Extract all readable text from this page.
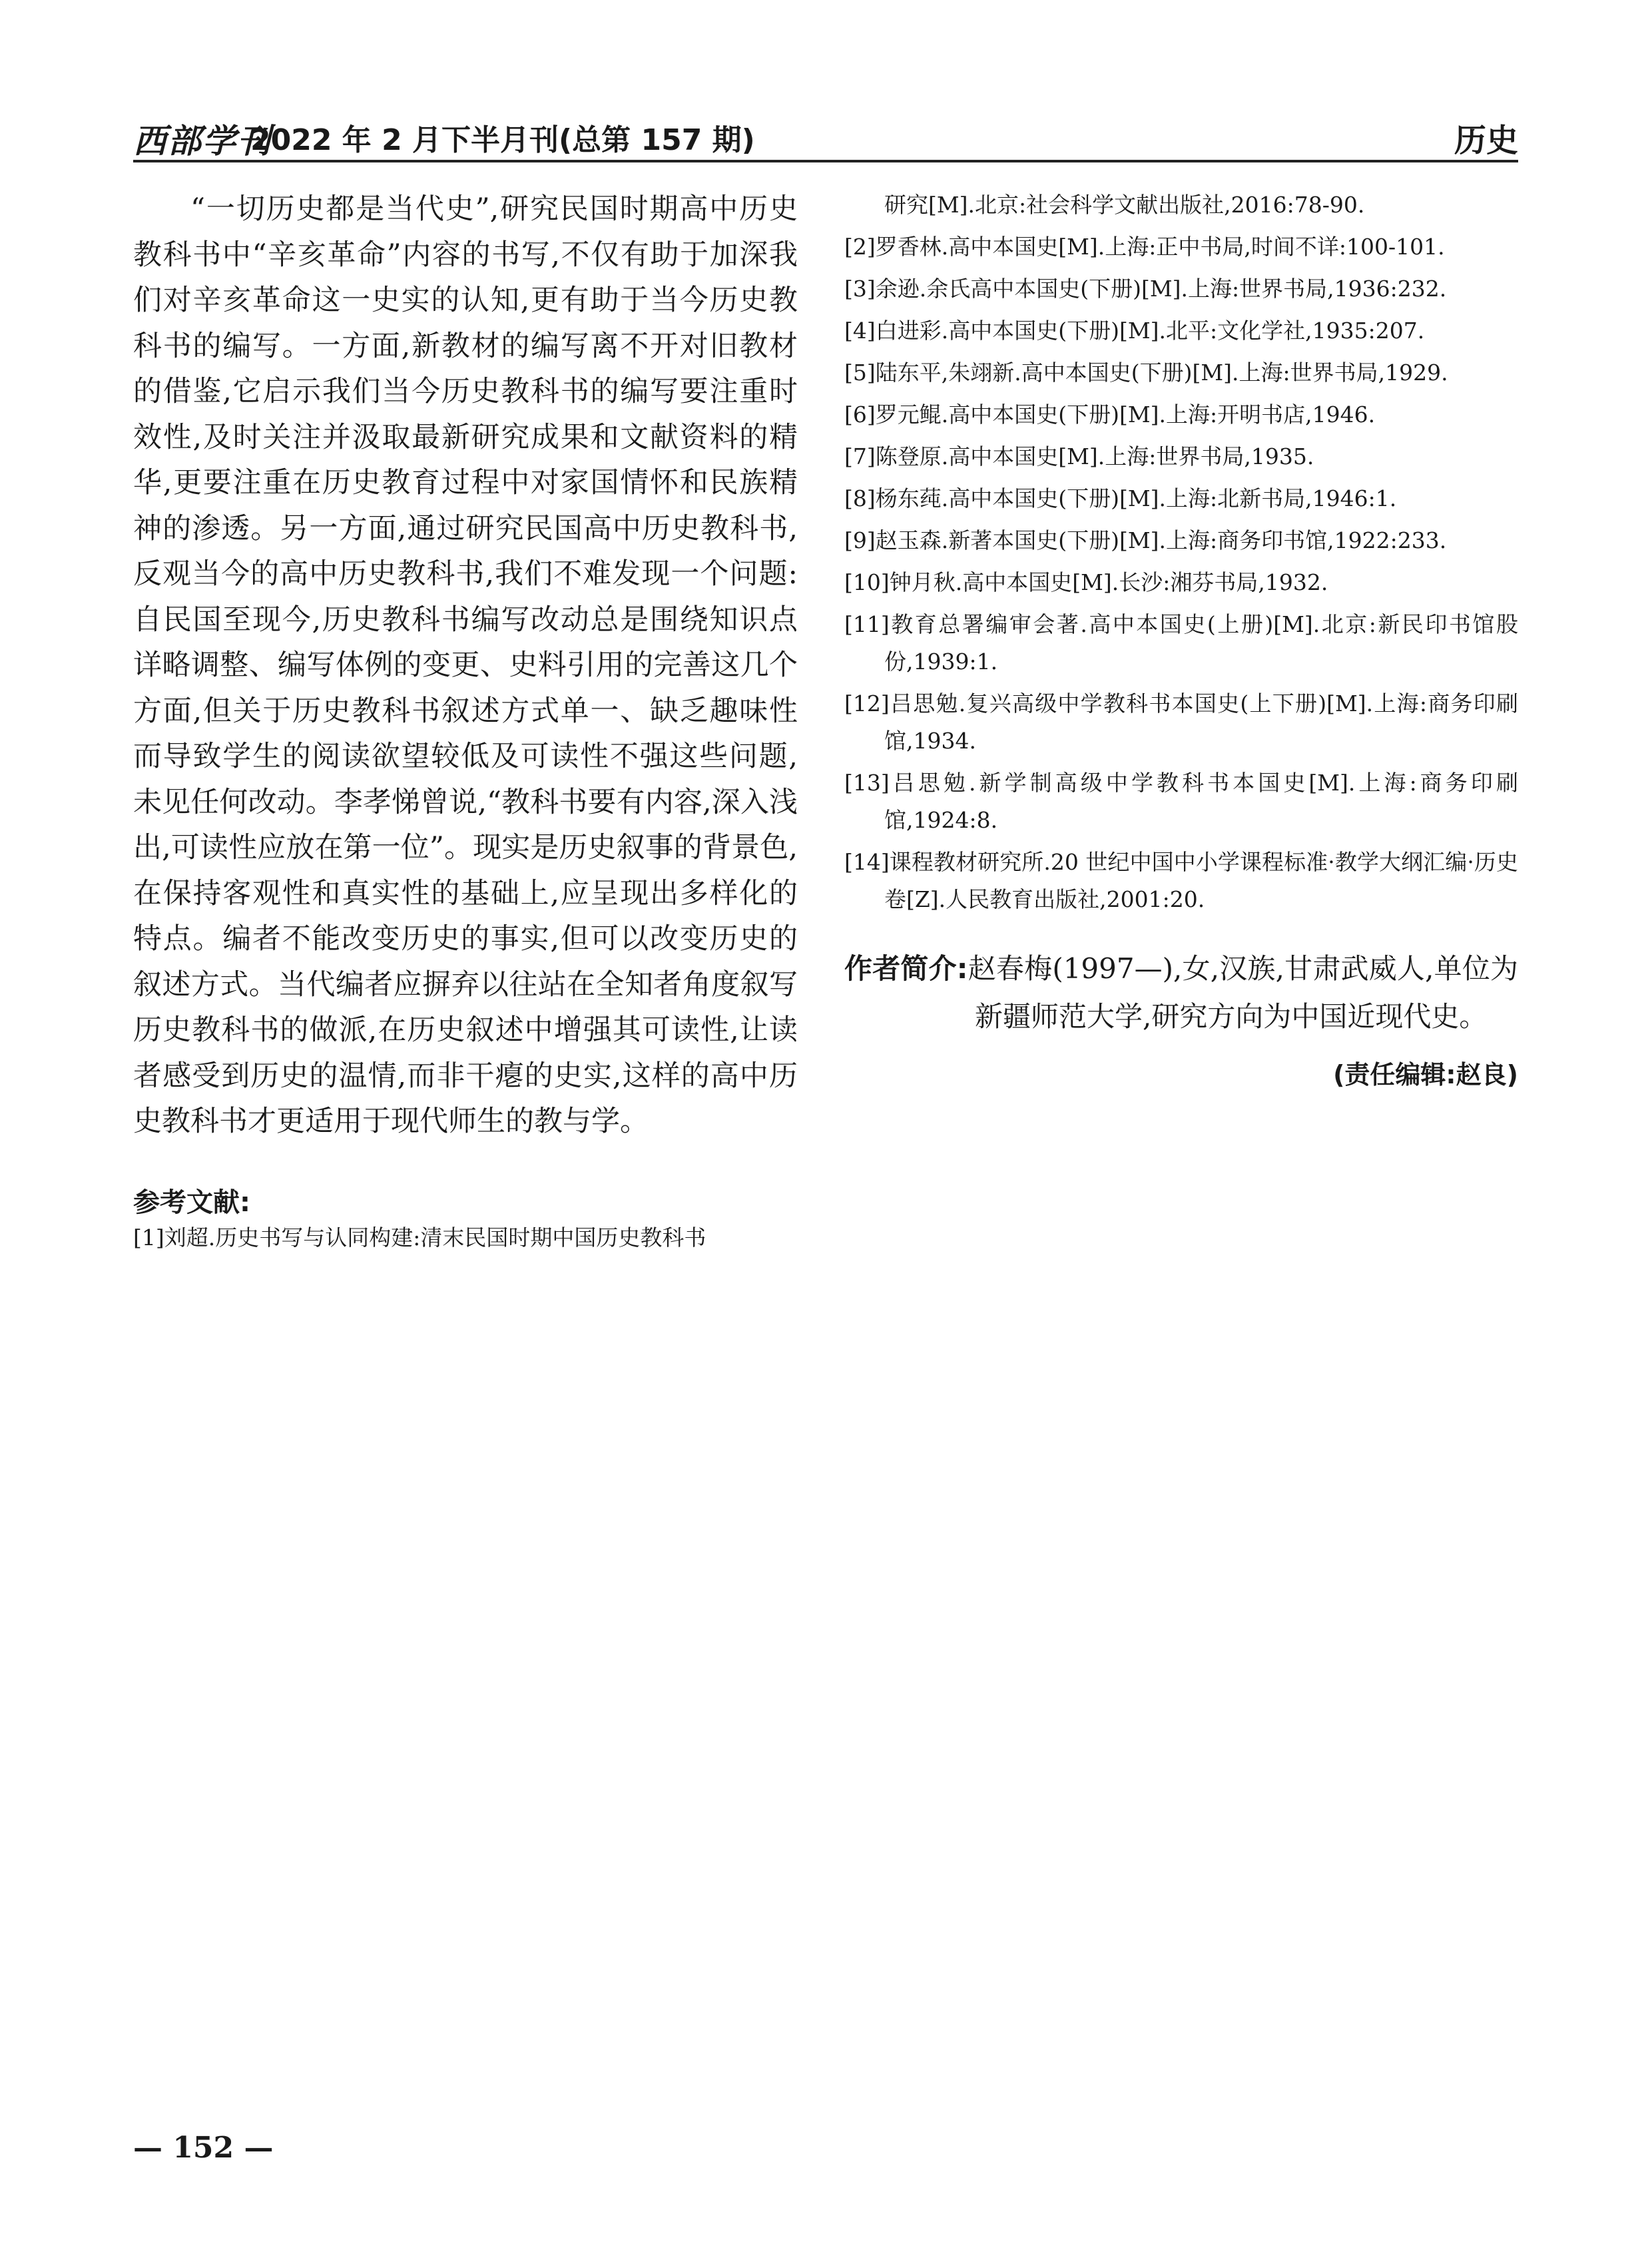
西部学刊
2022 年 2 月下半月刊(总第 157 期)	历史

“一切历史都是当代史”,研究民国时期高中历史教科书中“辛亥革命”内容的书写,不仅有助于加深我们对辛亥革命这一史实的认知,更有助于当今历史教科书的编写。一方面,新教材的编写离不开对旧教材的借鉴,它启示我们当今历史教科书的编写要注重时效性,及时关注并汲取最新研究成果和文献资料的精华,更要注重在历史教育过程中对家国情怀和民族精神的渗透。另一方面,通过研究民国高中历史教科书,反观当今的高中历史教科书,我们不难发现一个问题:自民国至现今,历史教科书编写改动总是围绕知识点详略调整、编写体例的变更、史料引用的完善这几个方面,但关于历史教科书叙述方式单一、缺乏趣味性而导致学生的阅读欲望较低及可读性不强这些问题,未见任何改动。李孝悌曾说,“教科书要有内容,深入浅出,可读性应放在第一位”。现实是历史叙事的背景色,在保持客观性和真实性的基础上,应呈现出多样化的特点。编者不能改变历史的事实,但可以改变历史的叙述方式。当代编者应摒弃以往站在全知者角度叙写历史教科书的做派,在历史叙述中增强其可读性,让读者感受到历史的温情,而非干瘪的史实,这样的高中历史教科书才更适用于现代师生的教与学。

参考文献:
[1]刘超.历史书写与认同构建:清末民国时期中国历史教科书
研究[M].北京:社会科学文献出版社,2016:78-90.
[2]罗香林.高中本国史[M].上海:正中书局,时间不详:100-101.
[3]余逊.余氏高中本国史(下册)[M].上海:世界书局,1936:232.
[4]白进彩.高中本国史(下册)[M].北平:文化学社,1935:207.
[5]陆东平,朱翊新.高中本国史(下册)[M].上海:世界书局,1929.
[6]罗元鲲.高中本国史(下册)[M].上海:开明书店,1946.
[7]陈登原.高中本国史[M].上海:世界书局,1935.
[8]杨东莼.高中本国史(下册)[M].上海:北新书局,1946:1.
[9]赵玉森.新著本国史(下册)[M].上海:商务印书馆,1922:233.
[10]钟月秋.高中本国史[M].长沙:湘芬书局,1932.
[11]教育总署编审会著.高中本国史(上册)[M].北京:新民印书馆股份,1939:1.
[12]吕思勉.复兴高级中学教科书本国史(上下册)[M].上海:商务印刷馆,1934.
[13]吕思勉.新学制高级中学教科书本国史[M].上海:商务印刷馆,1924:8.
[14]课程教材研究所.20 世纪中国中小学课程标准·教学大纲汇编·历史卷[Z].人民教育出版社,2001:20.
作者简介:赵春梅(1997—),女,汉族,甘肃武威人,单位为新疆师范大学,研究方向为中国近现代史。
(责任编辑:赵良)
— 152 —
